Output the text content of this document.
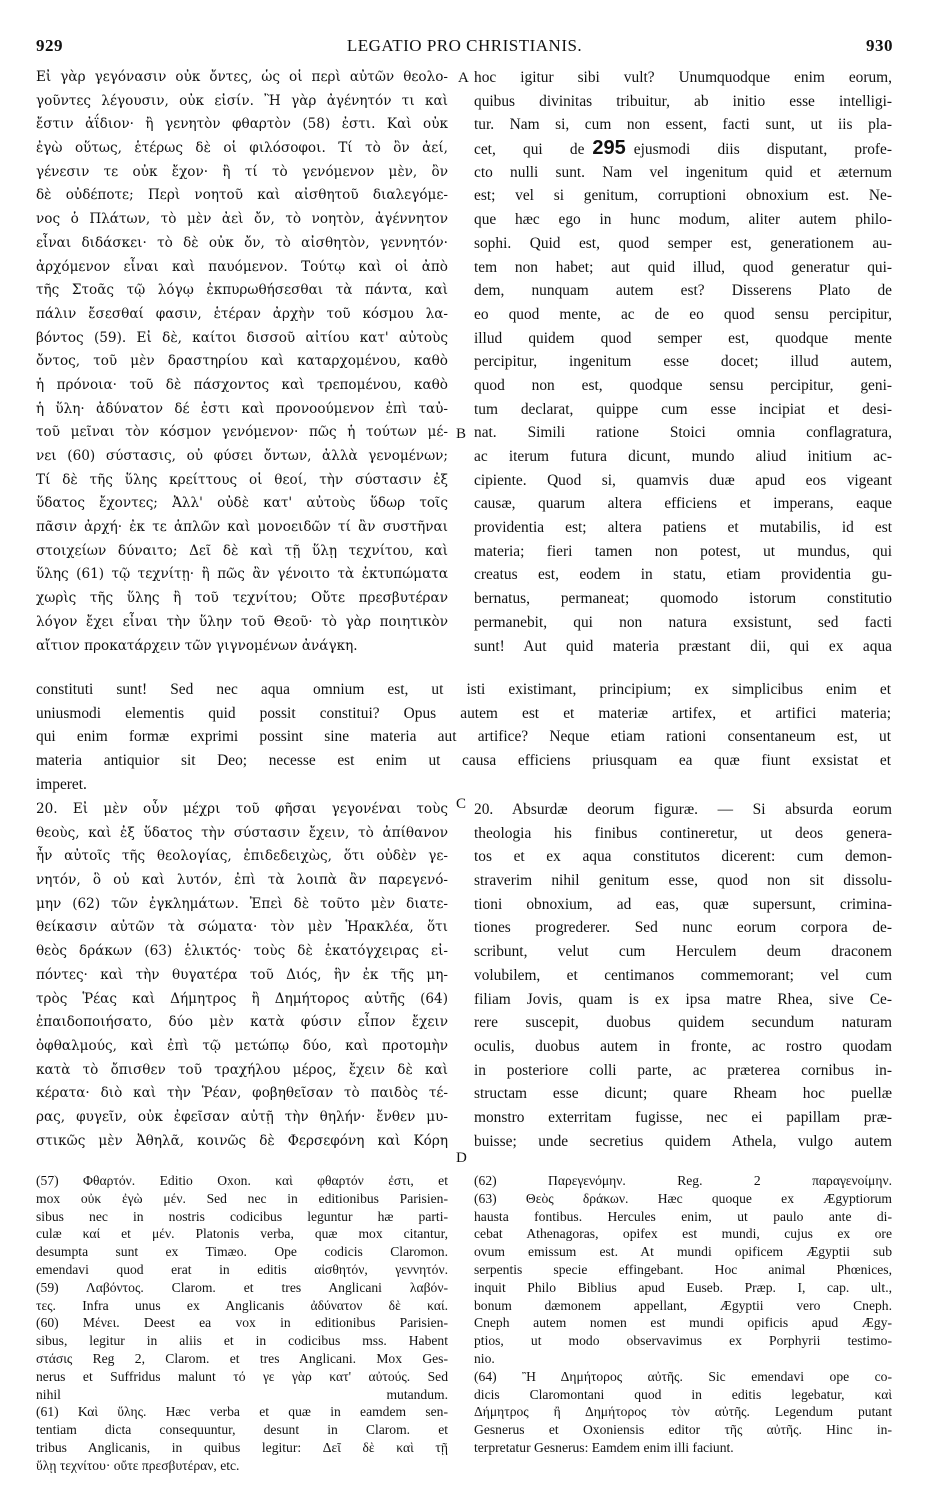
929	LEGATIO PRO CHRISTIANIS.	930
Εἰ γὰρ γεγόνασιν οὐκ ὄντες, ὡς οἱ περὶ αὐτῶν θεολο-
γοῦντες λέγουσιν, οὐκ εἰσίν. Ἢ γὰρ ἀγένητόν τι καὶ
ἔστιν ἀΐδιον· ἢ γενητὸν φθαρτὸν (58) ἐστι. Καὶ οὐκ
ἐγὼ οὕτως, ἑτέρως δὲ οἱ φιλόσοφοι. Τί τὸ ὂν ἀεί,
γένεσιν τε οὐκ ἔχον· ἢ τί τὸ γενόμενον μὲν, ὂν
δὲ οὐδέποτε; Περὶ νοητοῦ καὶ αἰσθητοῦ διαλεγόμε-
νος ὁ Πλάτων, τὸ μὲν ἀεὶ ὄν, τὸ νοητὸν, ἀγέννητον
εἶναι διδάσκει· τὸ δὲ οὐκ ὄν, τὸ αἰσθητὸν, γεννητόν·
ἀρχόμενον εἶναι καὶ παυόμενον. Τούτῳ καὶ οἱ ἀπὸ
τῆς Στοᾶς τῷ λόγῳ ἐκπυρωθήσεσθαι τὰ πάντα, καὶ
πάλιν ἔσεσθαί φασιν, ἑτέραν ἀρχὴν τοῦ κόσμου λα-
βόντος (59). Εἰ δὲ, καίτοι δισσοῦ αἰτίου κατ' αὐτοὺς
ὄντος, τοῦ μὲν δραστηρίου καὶ καταρχομένου, καθὸ
ἡ πρόνοια· τοῦ δὲ πάσχοντος καὶ τρεπομένου, καθὸ
ἡ ὕλη· ἀδύνατον δέ ἐστι καὶ προνοούμενον ἐπὶ ταὐ-
τοῦ μεῖναι τὸν κόσμον γενόμενον· πῶς ἡ τούτων μέ-
νει (60) σύστασις, οὐ φύσει ὄντων, ἀλλὰ γενομένων;
Τί δὲ τῆς ὕλης κρείττους οἱ θεοί, τὴν σύστασιν ἐξ
ὕδατος ἔχοντες; Ἀλλ' οὐδὲ κατ' αὐτοὺς ὕδωρ τοῖς
πᾶσιν ἀρχή· ἐκ τε ἁπλῶν καὶ μονοειδῶν τί ἂν συστῆναι
στοιχείων δύναιτο; Δεῖ δὲ καὶ τῇ ὕλῃ τεχνίτου, καὶ
ὕλης (61) τῷ τεχνίτῃ· ἢ πῶς ἂν γένοιτο τὰ ἐκτυπώματα
χωρὶς τῆς ὕλης ἢ τοῦ τεχνίτου; Οὔτε πρεσβυτέραν
λόγον ἔχει εἶναι τὴν ὕλην τοῦ Θεοῦ· τὸ γὰρ ποιητικὸν
αἴτιον προκατάρχειν τῶν γιγνομένων ἀνάγκη.
hoc igitur sibi vult? Unumquodque enim eorum,
quibus divinitas tribuitur, ab initio esse intelligi-
tur. Nam si, cum non essent, facti sunt, ut iis pla-
cet, qui de 295 ejusmodi diis disputant, profe-
cto nulli sunt. Nam vel ingenitum quid et æternum
est; vel si genitum, corruptioni obnoxium est. Ne-
que hæc ego in hunc modum, aliter autem philo-
sophi. Quid est, quod semper est, generationem au-
tem non habet; aut quid illud, quod generatur qui-
dem, nunquam autem est? Disserens Plato de
eo quod mente, ac de eo quod sensu percipitur,
illud quidem quod semper est, quodque mente
percipitur, ingenitum esse docet; illud autem,
quod non est, quodque sensu percipitur, geni-
tum declarat, quippe cum esse incipiat et desi-
nat. Simili ratione Stoici omnia conflagratura,
ac iterum futura dicunt, mundo aliud initium ac-
cipiente. Quod si, quamvis duæ apud eos vigeant
causæ, quarum altera efficiens et imperans, eaque
providentia est; altera patiens et mutabilis, id est
materia; fieri tamen non potest, ut mundus, qui
creatus est, eodem in statu, etiam providentia gu-
bernatus, permaneat; quomodo istorum constitutio
permanebit, qui non natura exsistunt, sed facti
sunt! Aut quid materia præstant dii, qui ex aqua
A
B
C
D
constituti sunt! Sed nec aqua omnium est, ut isti existimant, principium; ex simplicibus enim et
uniusmodi elementis quid possit constitui? Opus autem est et materiæ artifex, et artifici materia;
qui enim formæ exprimi possint sine materia aut artifice? Neque etiam rationi consentaneum est, ut
materia antiquior sit Deo; necesse est enim ut causa efficiens priusquam ea quæ fiunt exsistat et
imperet.
20. Εἰ μὲν οὖν μέχρι τοῦ φῆσαι γεγονέναι τοὺς
θεοὺς, καὶ ἐξ ὕδατος τὴν σύστασιν ἔχειν, τὸ ἀπίθανον
ἦν αὐτοῖς τῆς θεολογίας, ἐπιδεδειχὼς, ὅτι οὐδὲν γε-
νητόν, ὃ οὐ καὶ λυτόν, ἐπὶ τὰ λοιπὰ ἂν παρεγενό-
μην (62) τῶν ἐγκλημάτων. Ἐπεὶ δὲ τοῦτο μὲν διατε-
θείκασιν αὐτῶν τὰ σώματα· τὸν μὲν Ἡρακλέα, ὅτι
θεὸς δράκων (63) ἑλικτός· τοὺς δὲ ἑκατόγχειρας εἰ-
πόντες· καὶ τὴν θυγατέρα τοῦ Διός, ἣν ἐκ τῆς μη-
τρὸς Ῥέας καὶ Δήμητρος ἢ Δημήτορος αὐτῆς (64)
ἐπαιδοποιήσατο, δύο μὲν κατὰ φύσιν εἶπον ἔχειν
ὀφθαλμούς, καὶ ἐπὶ τῷ μετώπῳ δύο, καὶ προτομὴν
κατὰ τὸ ὄπισθεν τοῦ τραχήλου μέρος, ἔχειν δὲ καὶ
κέρατα· διὸ καὶ τὴν Ῥέαν, φοβηθεῖσαν τὸ παιδὸς τέ-
ρας, φυγεῖν, οὐκ ἐφεῖσαν αὐτῇ τὴν θηλήν· ἔνθεν μυ-
στικῶς μὲν Ἀθηλᾶ, κοινῶς δὲ Φερσεφόνη καὶ Κόρη
20. Absurdæ deorum figuræ. — Si absurda eorum
theologia his finibus contineretur, ut deos genera-
tos et ex aqua constitutos dicerent: cum demon-
straverim nihil genitum esse, quod non sit dissolu-
tioni obnoxium, ad eas, quæ supersunt, crimina-
tiones progrederer. Sed nunc eorum corpora de-
scribunt, velut cum Herculem deum draconem
volubilem, et centimanos commemorant; vel cum
filiam Jovis, quam is ex ipsa matre Rhea, sive Ce-
rere suscepit, duobus quidem secundum naturam
oculis, duobus autem in fronte, ac rostro quodam
in posteriore colli parte, ac præterea cornibus in-
structam esse dicunt; quare Rheam hoc puellæ
monstro exterritam fugisse, nec ei papillam præ-
buisse; unde secretius quidem Athela, vulgo autem
(57) Φθαρτόν. Editio Oxon. καὶ φθαρτόν ἐστι, et
mox οὐκ ἐγὼ μέν. Sed nec in editionibus Parisien-
sibus nec in nostris codicibus leguntur hæ parti-
culæ καί et μέν. Platonis verba, quæ mox citantur,
desumpta sunt ex Timæo. Ope codicis Claromon.
emendavi quod erat in editis αἰσθητόν, γεννητόν.
(59) Λαβόντος. Clarom. et tres Anglicani λαβόν-
τες. Infra unus ex Anglicanis ἀδύνατον δὲ καί.
(60) Μένει. Deest ea vox in editionibus Parisien-
sibus, legitur in aliis et in codicibus mss. Habent
στάσις Reg 2, Clarom. et tres Anglicani. Mox Ges-
nerus et Suffridus malunt τό γε γὰρ κατ' αὐτούς. Sed
nihil mutandum.
(61) Καὶ ὕλης. Hæc verba et quæ in eamdem sen-
tentiam dicta consequuntur, desunt in Clarom. et
tribus Anglicanis, in quibus legitur: Δεῖ δὲ καὶ τῇ
ὕλῃ τεχνίτου· οὔτε πρεσβυτέραν, etc.
(62) Παρεγενόμην. Reg. 2 παραγενοίμην.
(63) Θεὸς δράκων. Hæc quoque ex Ægyptiorum
hausta fontibus. Hercules enim, ut paulo ante di-
cebat Athenagoras, opifex est mundi, cujus ex ore
ovum emissum est. At mundi opificem Ægyptii sub
serpentis specie effingebant. Hoc animal Phœnices,
inquit Philo Biblius apud Euseb. Præp. I, cap. ult.,
bonum dæmonem appellant, Ægyptii vero Cneph.
Cneph autem nomen est mundi opificis apud Ægy-
ptios, ut modo observavimus ex Porphyrii testimo-
nio.
(64) Ἢ Δημήτορος αὐτῆς. Sic emendavi ope co-
dicis Claromontani quod in editis legebatur, καὶ
Δήμητρος ἢ Δημήτορος τὸν αὐτῆς. Legendum putant
Gesnerus et Oxoniensis editor τῆς αὐτῆς. Hinc in-
terpretatur Gesnerus: Eamdem enim illi faciunt.
